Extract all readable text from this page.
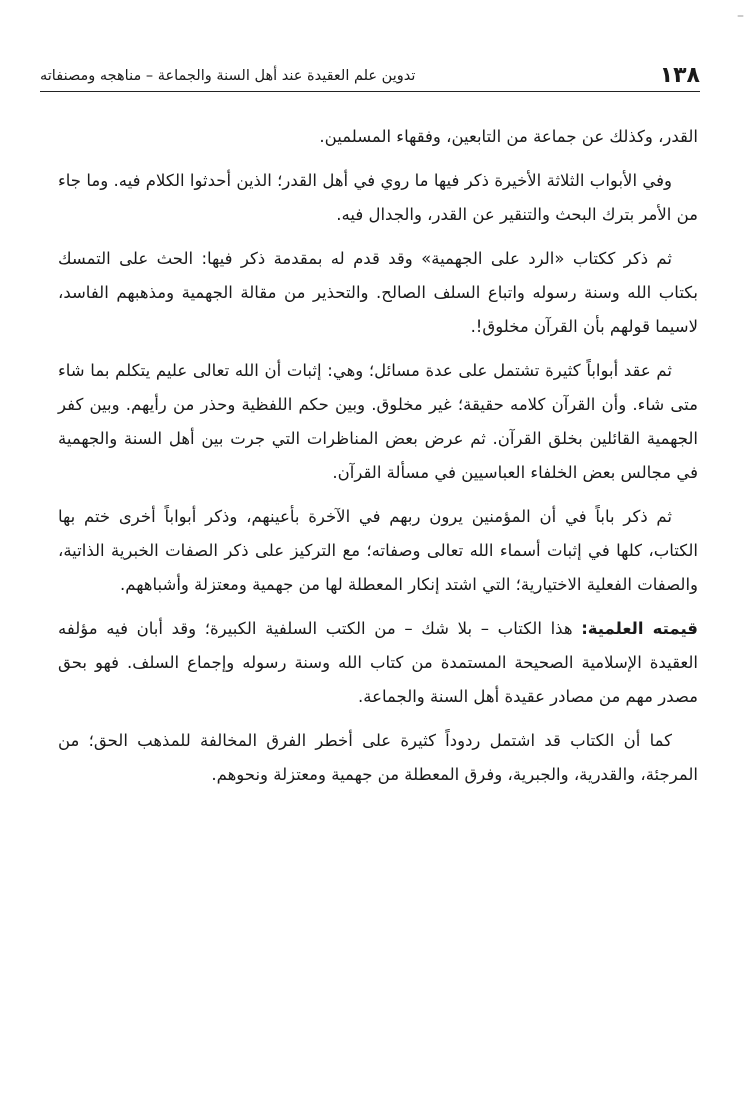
–
١٣٨
تدوين علم العقيدة عند أهل السنة والجماعة – مناهجه ومصنفاته

القدر، وكذلك عن جماعة من التابعين، وفقهاء المسلمين.

وفي الأبواب الثلاثة الأخيرة ذكر فيها ما روي في أهل القدر؛ الذين أحدثوا الكلام فيه. وما جاء من الأمر بترك البحث والتنقير عن القدر، والجدال فيه.

ثم ذكر ككتاب «الرد على الجهمية» وقد قدم له بمقدمة ذكر فيها: الحث على التمسك بكتاب الله وسنة رسوله واتباع السلف الصالح. والتحذير من مقالة الجهمية ومذهبهم الفاسد، لاسيما قولهم بأن القرآن مخلوق!.

ثم عقد أبواباً كثيرة تشتمل على عدة مسائل؛ وهي: إثبات أن الله تعالى عليم يتكلم بما شاء متى شاء. وأن القرآن كلامه حقيقة؛ غير مخلوق. وبين حكم اللفظية وحذر من رأيهم. وبين كفر الجهمية القائلين بخلق القرآن. ثم عرض بعض المناظرات التي جرت بين أهل السنة والجهمية في مجالس بعض الخلفاء العباسيين في مسألة القرآن.

ثم ذكر باباً في أن المؤمنين يرون ربهم في الآخرة بأعينهم، وذكر أبواباً أخرى ختم بها الكتاب، كلها في إثبات أسماء الله تعالى وصفاته؛ مع التركيز على ذكر الصفات الخبرية الذاتية، والصفات الفعلية الاختيارية؛ التي اشتد إنكار المعطلة لها من جهمية ومعتزلة وأشباههم.

قيمته العلمية: هذا الكتاب – بلا شك – من الكتب السلفية الكبيرة؛ وقد أبان فيه مؤلفه العقيدة الإسلامية الصحيحة المستمدة من كتاب الله وسنة رسوله وإجماع السلف. فهو بحق مصدر مهم من مصادر عقيدة أهل السنة والجماعة.

كما أن الكتاب قد اشتمل ردوداً كثيرة على أخطر الفرق المخالفة للمذهب الحق؛ من المرجئة، والقدرية، والجبرية، وفرق المعطلة من جهمية ومعتزلة ونحوهم.
